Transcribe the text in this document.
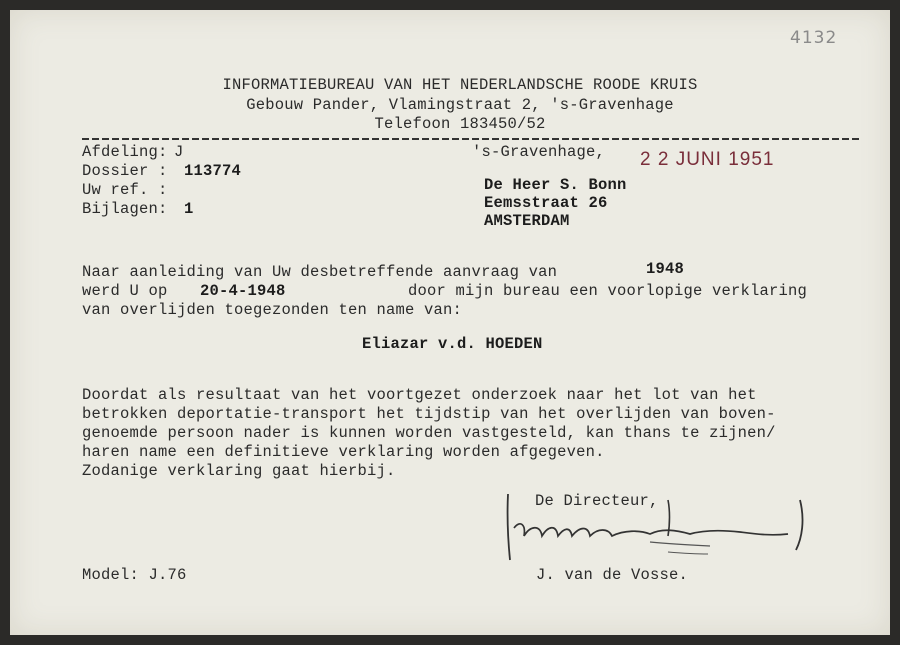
4132
INFORMATIEBUREAU VAN HET NEDERLANDSCHE ROODE KRUIS
Gebouw Pander, Vlamingstraat 2, 's-Gravenhage
Telefoon 183450/52
Afdeling: J
Dossier : 113774
Uw ref. :
Bijlagen: 1
's-Gravenhage, 2 2 JUNI 1951
De Heer S. Bonn
Eemsstraat 26
AMSTERDAM
Naar aanleiding van Uw desbetreffende aanvraag van	1948
werd U op 20-4-1948	door mijn bureau een voorlopige verklaring
van overlijden toegezonden ten name van:
Eliazar v.d. HOEDEN
Doordat als resultaat van het voortgezet onderzoek naar het lot van het
betrokken deportatie-transport het tijdstip van het overlijden van boven-
genoemde persoon nader is kunnen worden vastgesteld, kan thans te zijnen/
haren name een definitieve verklaring worden afgegeven.
Zodanige verklaring gaat hierbij.
De Directeur,
Model: J.76	J. van de Vosse.
